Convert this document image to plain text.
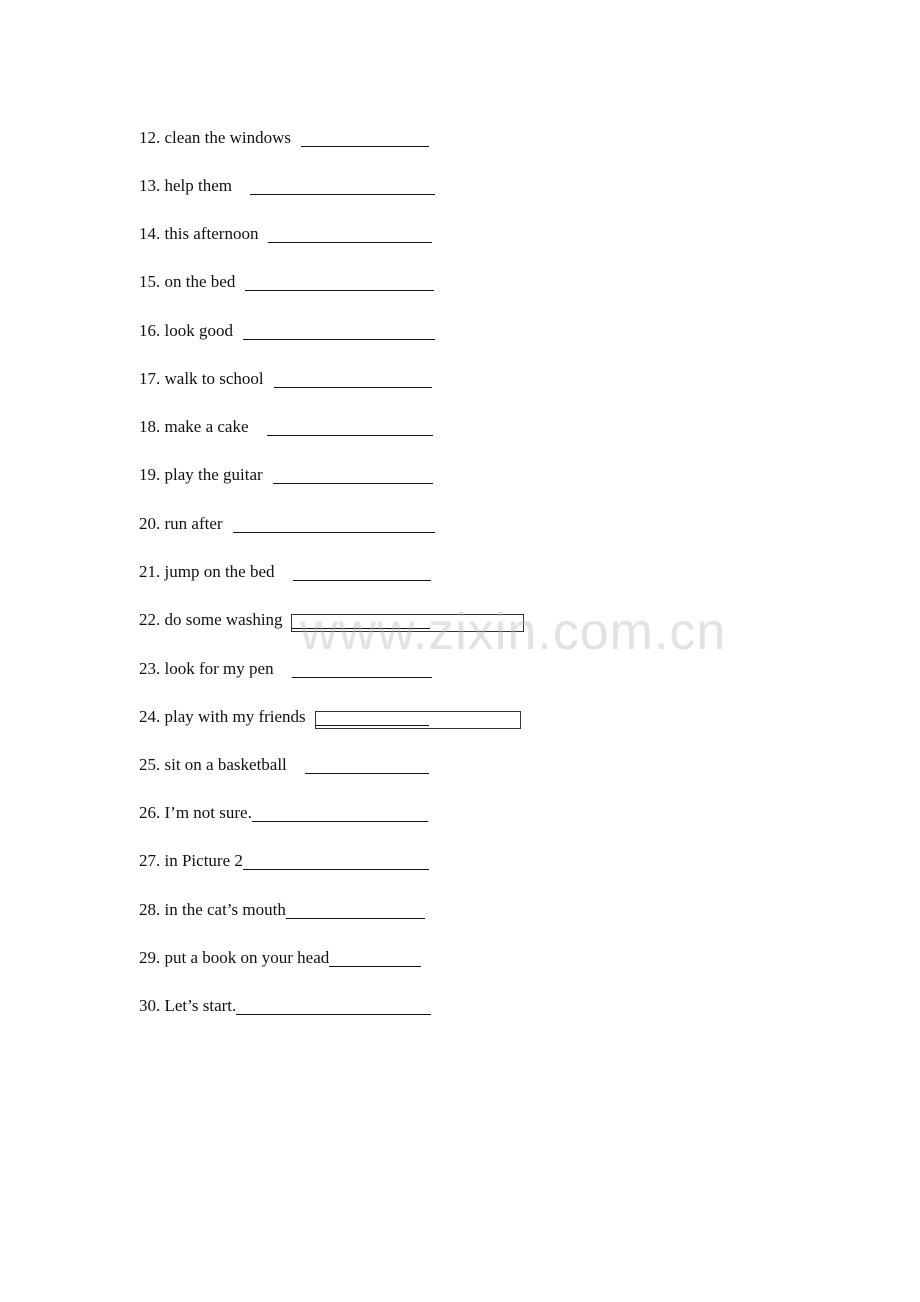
12. clean the windows
13. help them
14. this afternoon
15. on the bed
16. look good
17. walk to school
18. make a cake
19. play the guitar
20. run after
21. jump on the bed
22. do some washing
23. look for my pen
24. play with my friends
25. sit on a basketball
26. I’m not sure.
27. in Picture 2
28. in the cat’s mouth
29. put a book on your head
30. Let’s start.
www.zixin.com.cn
